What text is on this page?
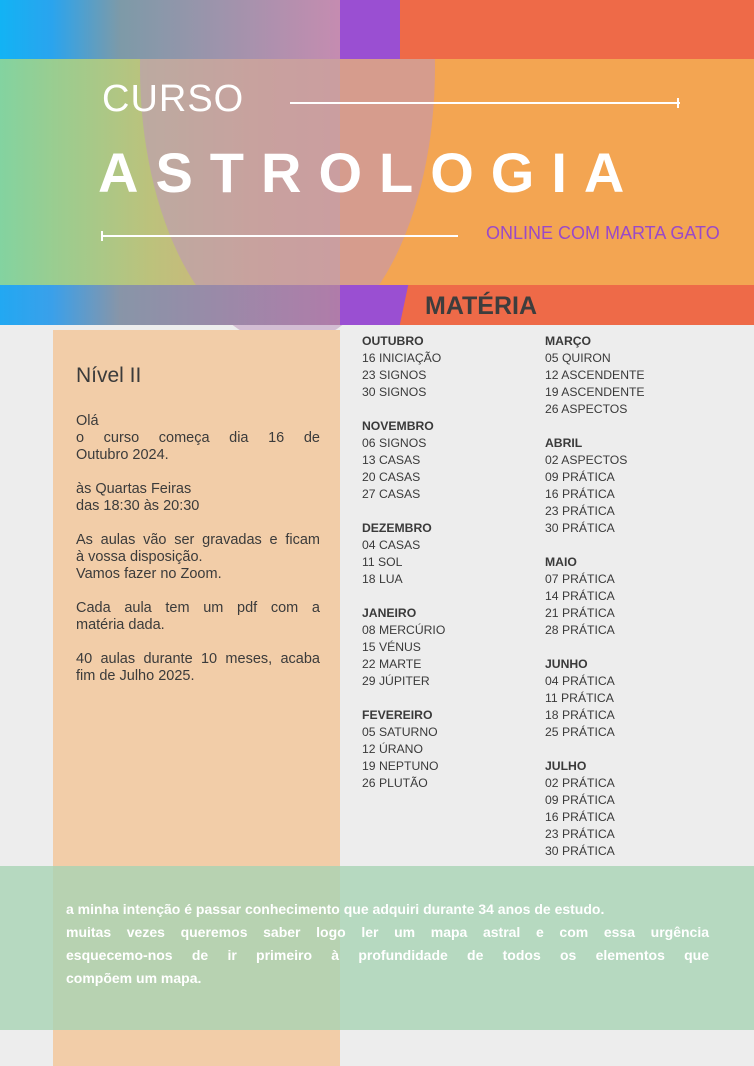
CURSO
ASTROLOGIA
ONLINE COM MARTA GATO
MATÉRIA
Nível II
Olá
o curso começa dia 16 de
Outubro 2024.
às Quartas Feiras
das 18:30 às 20:30
As aulas vão ser gravadas e ficam
à vossa disposição.
Vamos fazer no Zoom.
Cada aula tem um pdf com a
matéria dada.
40 aulas durante 10 meses, acaba
fim de Julho 2025.
OUTUBRO
16 INICIAÇÃO
23 SIGNOS
30 SIGNOS
NOVEMBRO
06 SIGNOS
13 CASAS
20 CASAS
27 CASAS
DEZEMBRO
04 CASAS
11 SOL
18 LUA
JANEIRO
08 MERCÚRIO
15 VÉNUS
22 MARTE
29 JÚPITER
FEVEREIRO
05 SATURNO
12 ÚRANO
19 NEPTUNO
26 PLUTÃO
MARÇO
05 QUIRON
12 ASCENDENTE
19 ASCENDENTE
26 ASPECTOS
ABRIL
02 ASPECTOS
09 PRÁTICA
16 PRÁTICA
23 PRÁTICA
30 PRÁTICA
MAIO
07 PRÁTICA
14 PRÁTICA
21 PRÁTICA
28 PRÁTICA
JUNHO
04 PRÁTICA
11 PRÁTICA
18 PRÁTICA
25 PRÁTICA
JULHO
02 PRÁTICA
09 PRÁTICA
16 PRÁTICA
23 PRÁTICA
30 PRÁTICA
a minha intenção é passar conhecimento que adquiri durante 34 anos de estudo.
muitas vezes queremos saber logo ler um mapa astral e com essa urgência
esquecemo-nos de ir primeiro à profundidade de todos os elementos que
compõem um mapa.
